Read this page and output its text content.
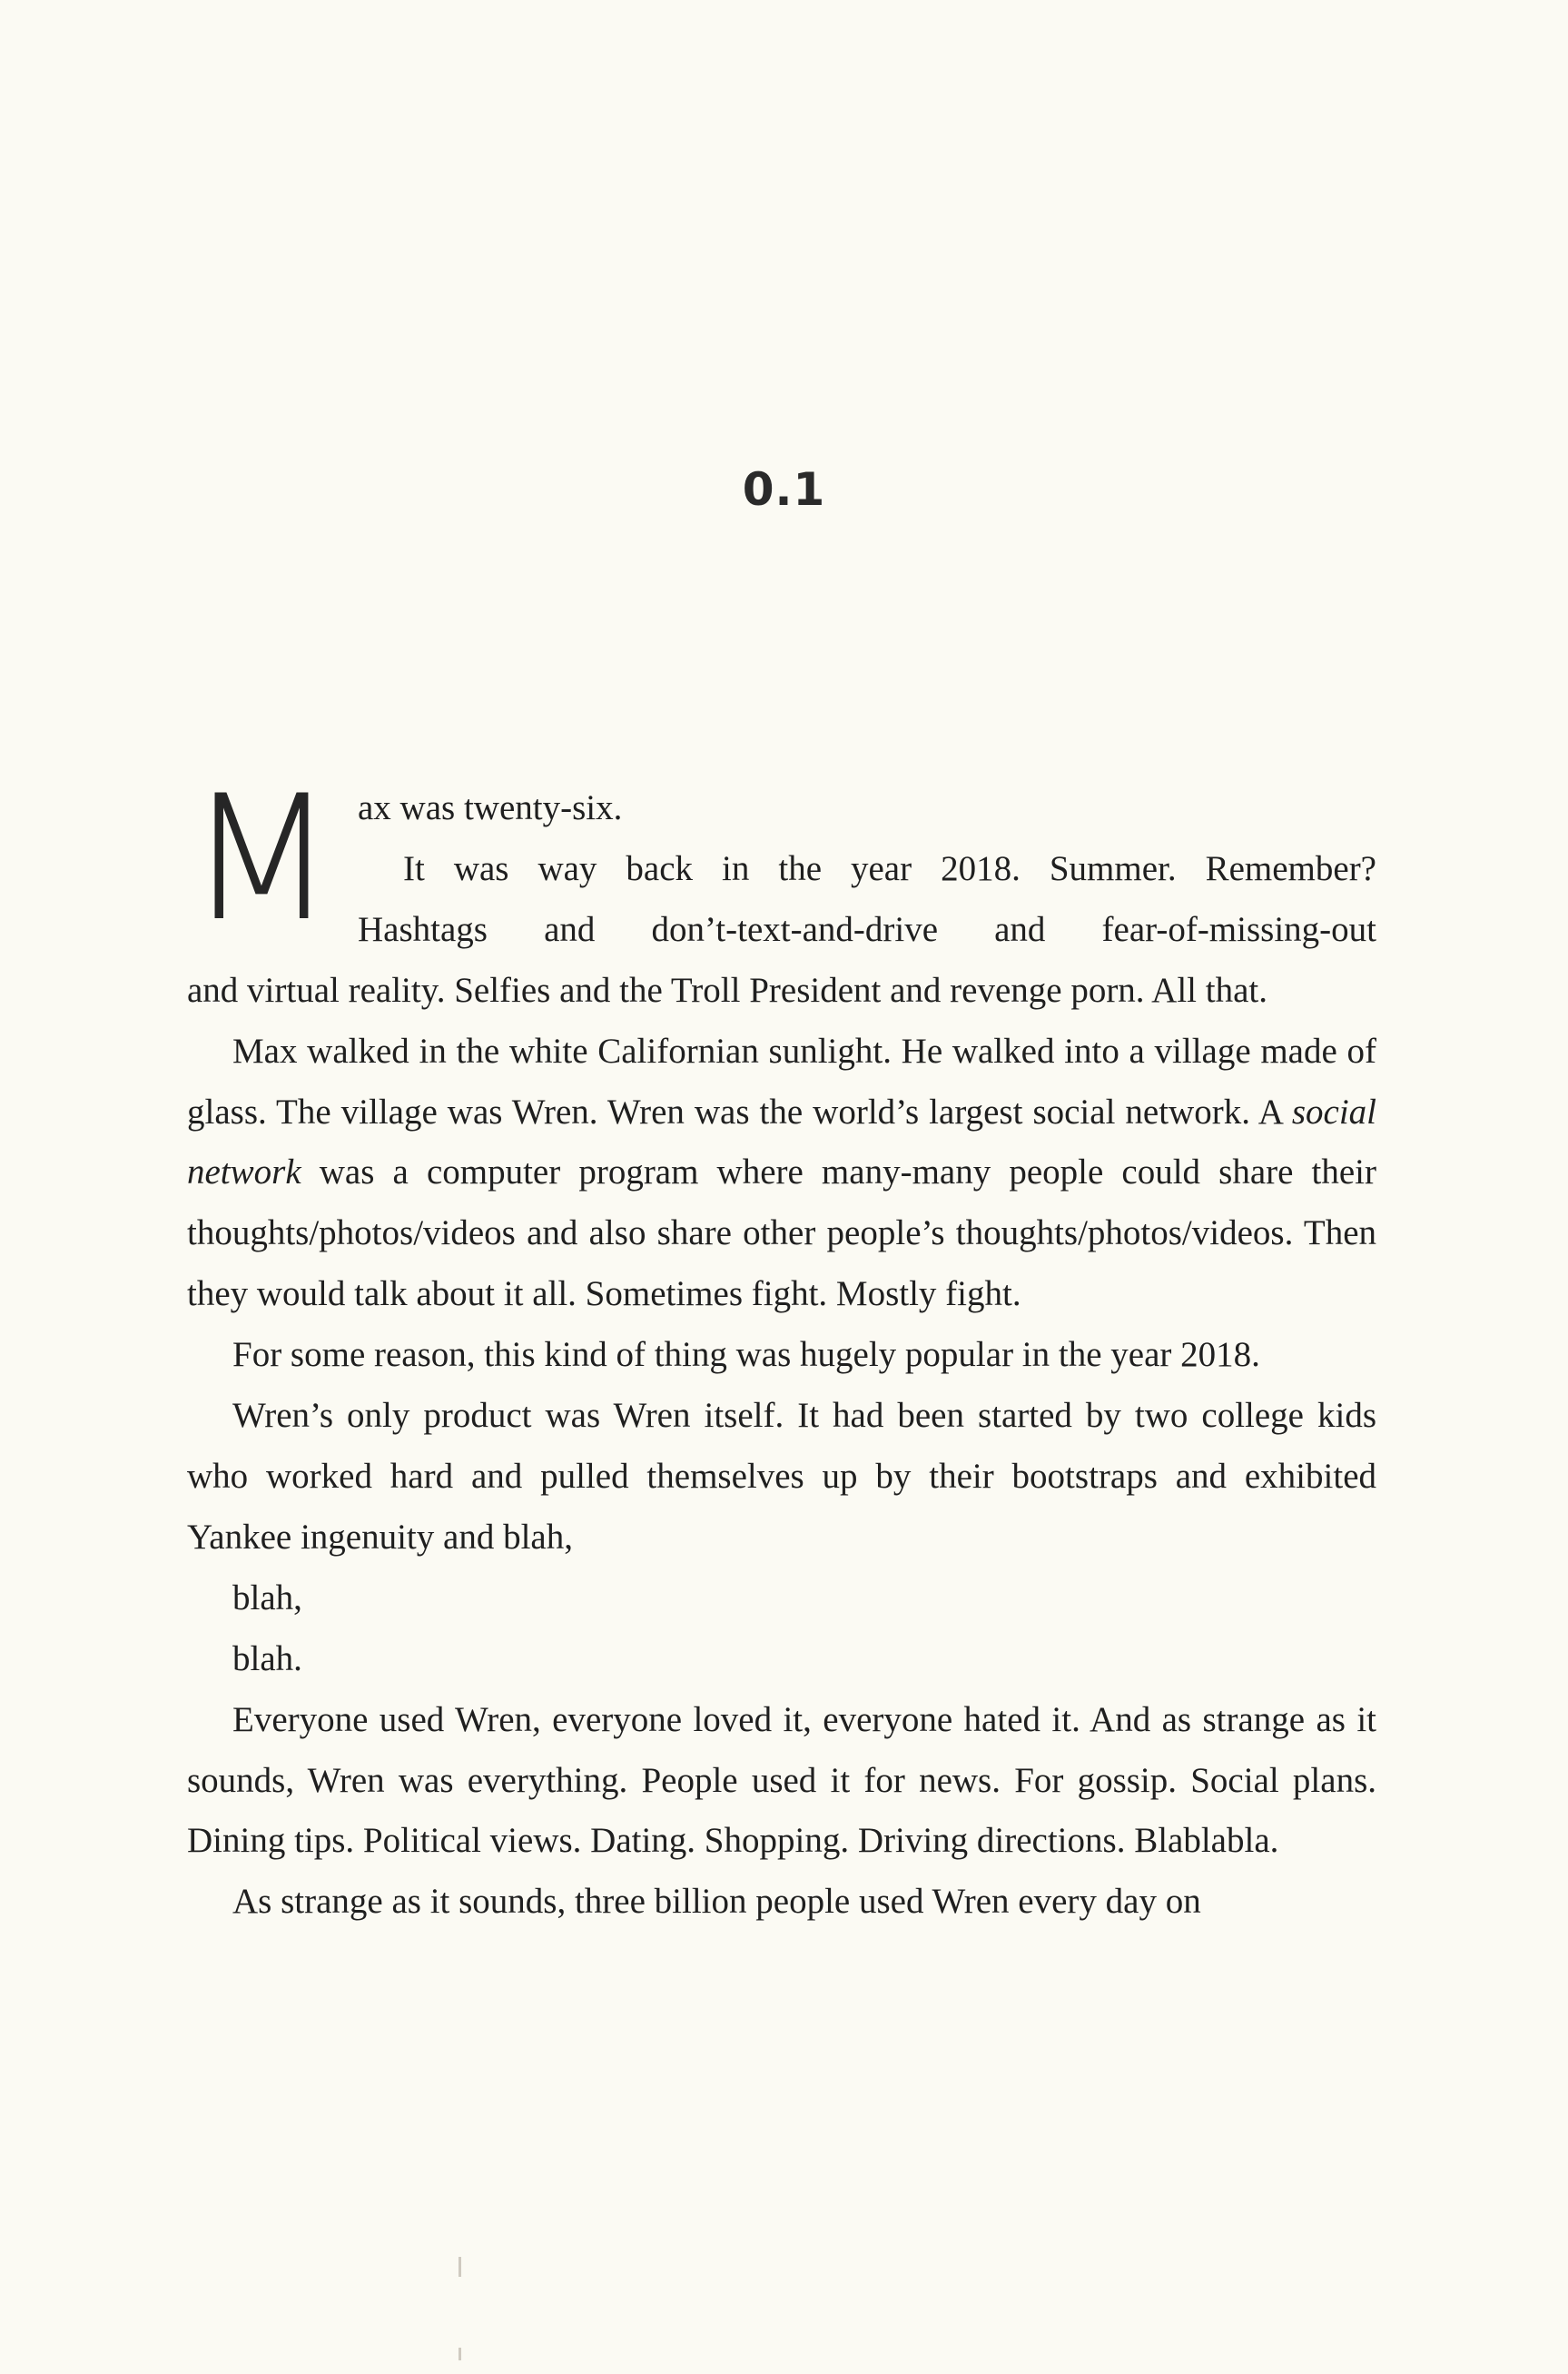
0.1
M ax was twenty-six.

It was way back in the year 2018. Summer. Remember?

Hashtags and don’t-text-and-drive and fear-of-missing-out

and virtual reality. Selfies and the Troll President and revenge porn. All that.

Max walked in the white Californian sunlight. He walked into a village made of glass. The village was Wren. Wren was the world’s largest social network. A social network was a computer program where many-many people could share their thoughts/photos/videos and also share other people’s thoughts/photos/videos. Then they would talk about it all. Sometimes fight. Mostly fight.

For some reason, this kind of thing was hugely popular in the year 2018.

Wren’s only product was Wren itself. It had been started by two college kids who worked hard and pulled themselves up by their bootstraps and exhibited Yankee ingenuity and blah,

blah,

blah.

Everyone used Wren, everyone loved it, everyone hated it. And as strange as it sounds, Wren was everything. People used it for news. For gossip. Social plans. Dining tips. Political views. Dating. Shopping. Driving directions. Blablabla.

As strange as it sounds, three billion people used Wren every day on
